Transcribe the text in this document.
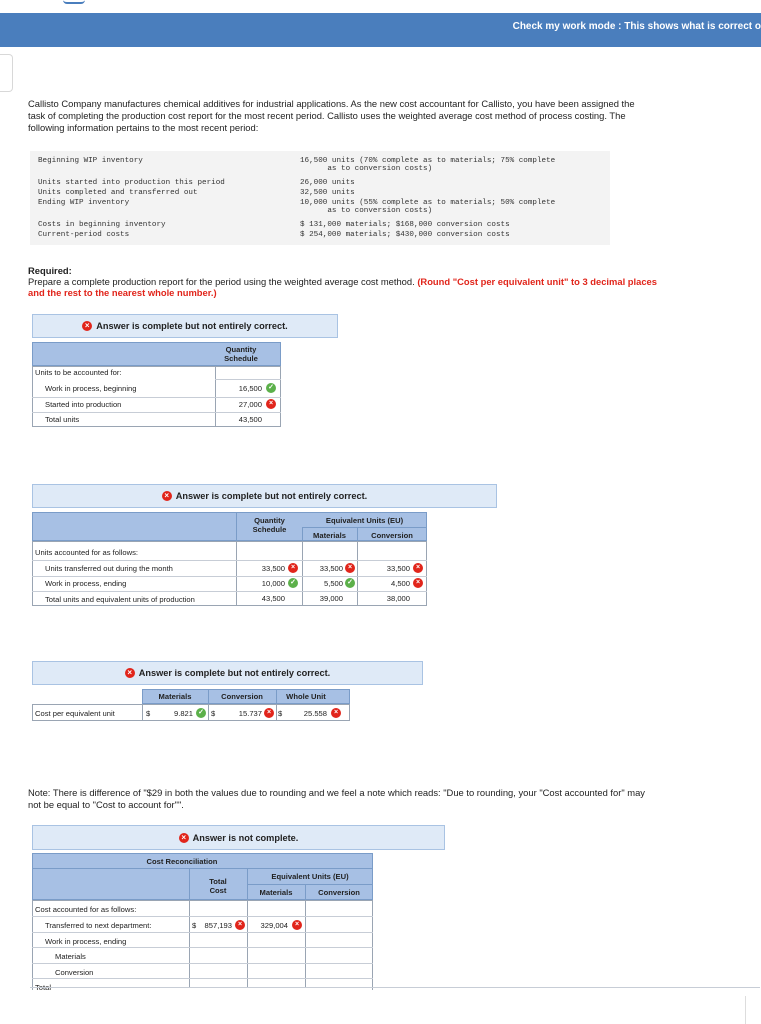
Check my work mode : This shows what is correct o
Callisto Company manufactures chemical additives for industrial applications. As the new cost accountant for Callisto, you have been assigned the task of completing the production cost report for the most recent period. Callisto uses the weighted average cost method of process costing. The following information pertains to the most recent period:
Beginning WIP inventory	16,500 units (70% complete as to materials; 75% complete
as to conversion costs)
Units started into production this period	26,000 units
Units completed and transferred out	32,500 units
Ending WIP inventory	10,000 units (55% complete as to materials; 50% complete
as to conversion costs)
Costs in beginning inventory	$ 131,000 materials; $168,000 conversion costs
Current-period costs	$ 254,000 materials; $430,000 conversion costs
Required:
Prepare a complete production report for the period using the weighted average cost method. (Round "Cost per equivalent unit" to 3 decimal places and the rest to the nearest whole number.)
× Answer is complete but not entirely correct.
Quantity Schedule
Units to be accounted for:
Work in process, beginning	16,500 ✓
Started into production	27,000 ×
Total units	43,500
× Answer is complete but not entirely correct.
Quantity Schedule
Equivalent Units (EU)
Materials	Conversion
Units accounted for as follows:
Units transferred out during the month	33,500 ×	33,500 ×	33,500 ×
Work in process, ending	10,000 ✓	5,500 ✓	4,500 ×
Total units and equivalent units of production	43,500	39,000	38,000
× Answer is complete but not entirely correct.
Materials	Conversion	Whole Unit
Cost per equivalent unit	$	9.821 ✓ $	15.737 × $	25.558 ×
Note: There is difference of "$29 in both the values due to rounding and we feel a note which reads: "Due to rounding, your "Cost accounted for" may not be equal to "Cost to account for"".
× Answer is not complete.
Cost Reconciliation
Total Cost
Equivalent Units (EU)
Materials	Conversion
Cost accounted for as follows:
Transferred to next department:	$	857,193 ×	329,004 ×
Work in process, ending
Materials
Conversion
